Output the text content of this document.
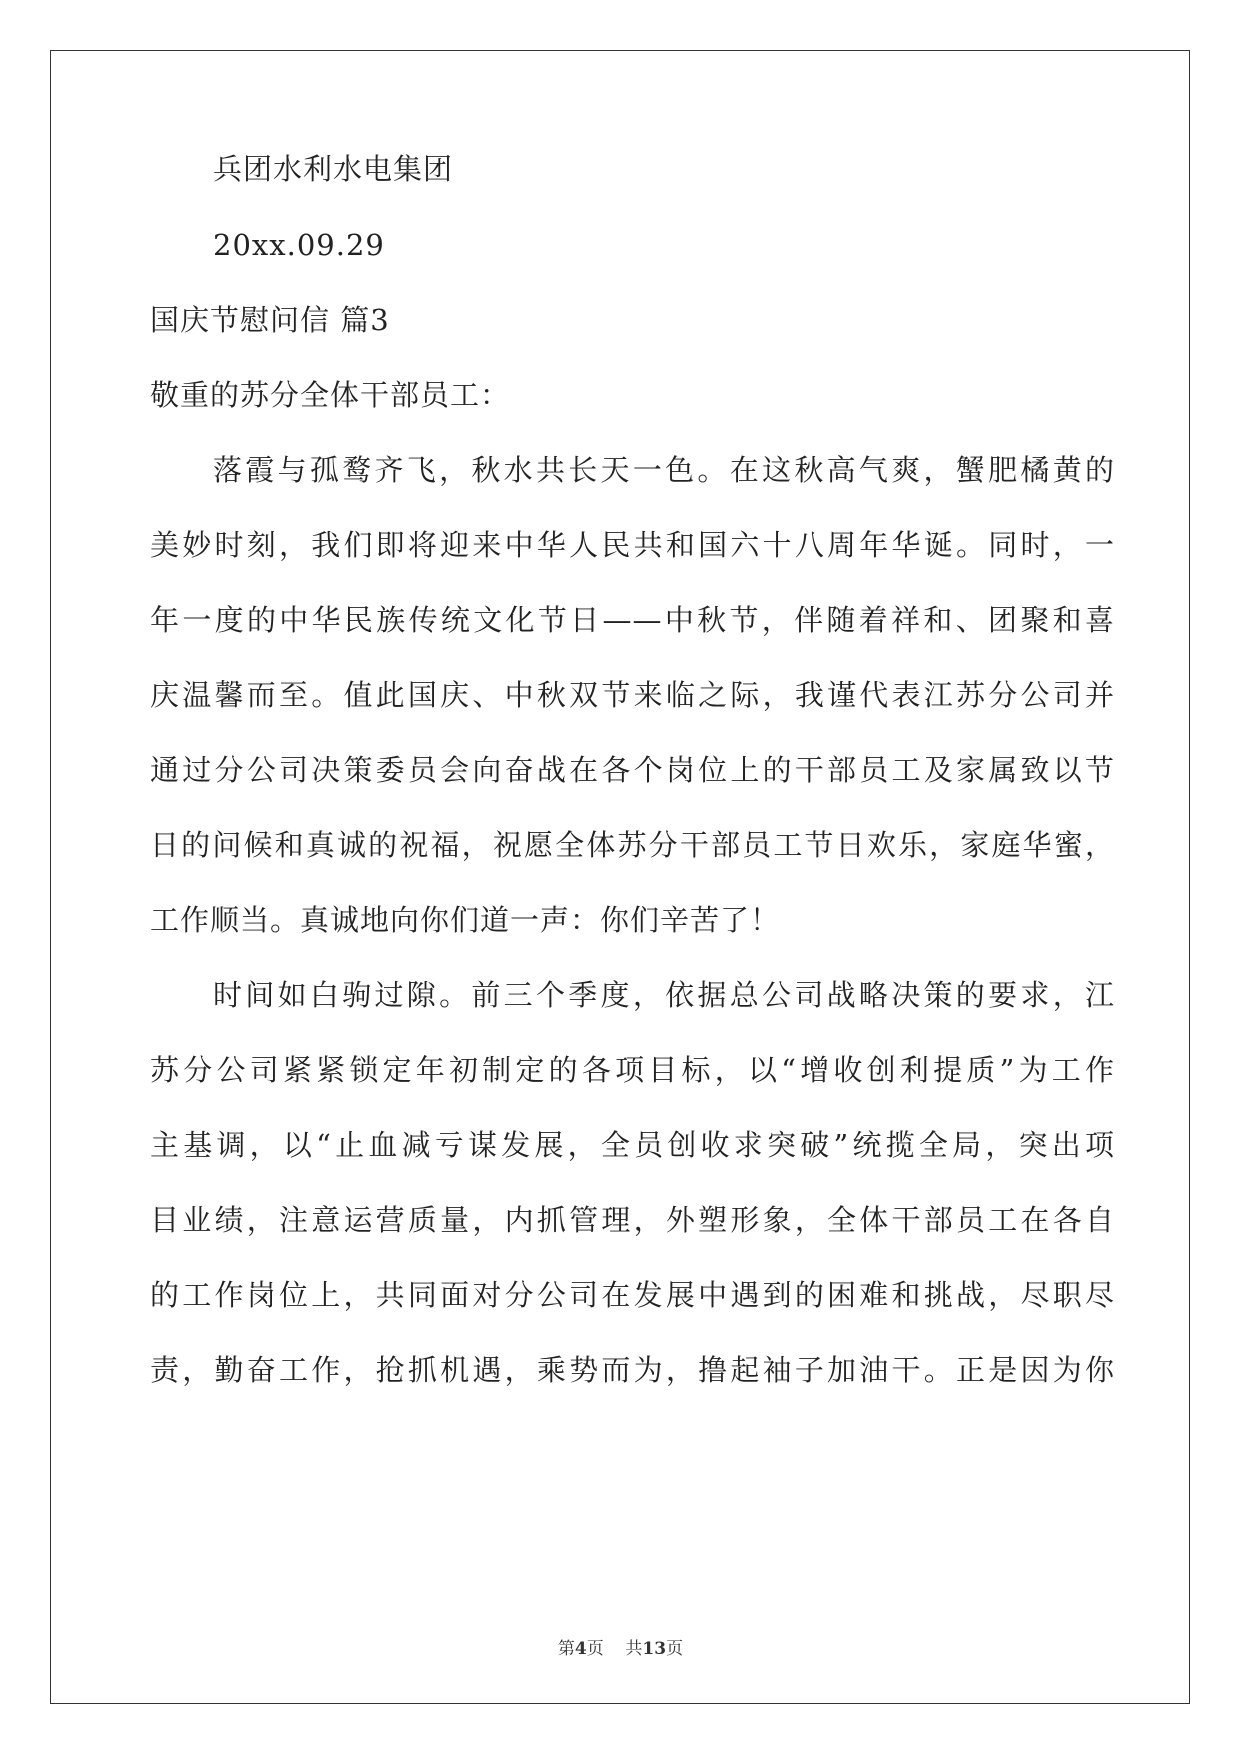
兵团水利水电集团
20xx.09.29
国庆节慰问信 篇3
敬重的苏分全体干部员工：
落霞与孤鹜齐飞，秋水共长天一色。在这秋高气爽，蟹肥橘黄的
美妙时刻，我们即将迎来中华人民共和国六十八周年华诞。同时，一
年一度的中华民族传统文化节日——中秋节，伴随着祥和、团聚和喜
庆温馨而至。值此国庆、中秋双节来临之际，我谨代表江苏分公司并
通过分公司决策委员会向奋战在各个岗位上的干部员工及家属致以节
日的问候和真诚的祝福，祝愿全体苏分干部员工节日欢乐，家庭华蜜，
工作顺当。真诚地向你们道一声：你们辛苦了！
时间如白驹过隙。前三个季度，依据总公司战略决策的要求，江
苏分公司紧紧锁定年初制定的各项目标，以“增收创利提质”为工作
主基调，以“止血减亏谋发展，全员创收求突破”统揽全局，突出项
目业绩，注意运营质量，内抓管理，外塑形象，全体干部员工在各自
的工作岗位上，共同面对分公司在发展中遇到的困难和挑战，尽职尽
责，勤奋工作，抢抓机遇，乘势而为，撸起袖子加油干。正是因为你
第4页 共13页
